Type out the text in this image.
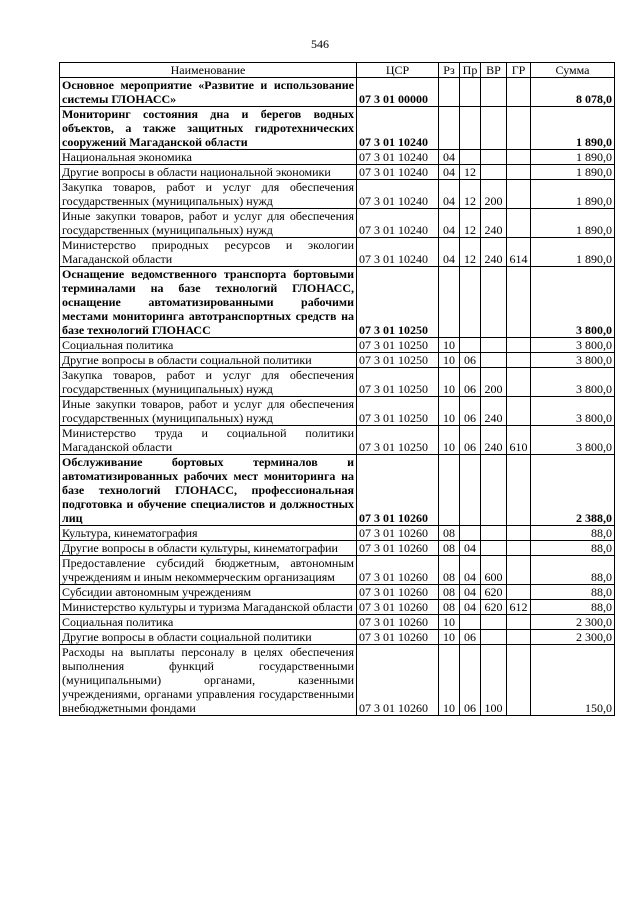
546
Наименование	ЦСР	Рз	Пр	ВР	ГР	Сумма
Основное мероприятие «Развитие и использование системы ГЛОНАСС»	07 3 01 00000					8 078,0
Мониторинг состояния дна и берегов водных объектов, а также защитных гидротехнических сооружений Магаданской области	07 3 01 10240					1 890,0
Национальная экономика	07 3 01 10240	04				1 890,0
Другие вопросы в области национальной экономики	07 3 01 10240	04	12			1 890,0
Закупка товаров, работ и услуг для обеспечения государственных (муниципальных) нужд	07 3 01 10240	04	12	200		1 890,0
Иные закупки товаров, работ и услуг для обеспечения государственных (муниципальных) нужд	07 3 01 10240	04	12	240		1 890,0
Министерство природных ресурсов и экологии Магаданской области	07 3 01 10240	04	12	240	614	1 890,0
Оснащение ведомственного транспорта бортовыми терминалами на базе технологий ГЛОНАСС, оснащение автоматизированными рабочими местами мониторинга автотранспортных средств на базе технологий ГЛОНАСС	07 3 01 10250					3 800,0
Социальная политика	07 3 01 10250	10				3 800,0
Другие вопросы в области социальной политики	07 3 01 10250	10	06			3 800,0
Закупка товаров, работ и услуг для обеспечения государственных (муниципальных) нужд	07 3 01 10250	10	06	200		3 800,0
Иные закупки товаров, работ и услуг для обеспечения государственных (муниципальных) нужд	07 3 01 10250	10	06	240		3 800,0
Министерство труда и социальной политики Магаданской области	07 3 01 10250	10	06	240	610	3 800,0
Обслуживание бортовых терминалов и автоматизированных рабочих мест мониторинга на базе технологий ГЛОНАСС, профессиональная подготовка и обучение специалистов и должностных лиц	07 3 01 10260					2 388,0
Культура, кинематография	07 3 01 10260	08				88,0
Другие вопросы в области культуры, кинематографии	07 3 01 10260	08	04			88,0
Предоставление субсидий бюджетным, автономным учреждениям и иным некоммерческим организациям	07 3 01 10260	08	04	600		88,0
Субсидии автономным учреждениям	07 3 01 10260	08	04	620		88,0
Министерство культуры и туризма Магаданской области	07 3 01 10260	08	04	620	612	88,0
Социальная политика	07 3 01 10260	10				2 300,0
Другие вопросы в области социальной политики	07 3 01 10260	10	06			2 300,0
Расходы на выплаты персоналу в целях обеспечения выполнения функций государственными (муниципальными) органами, казенными учреждениями, органами управления государственными внебюджетными фондами	07 3 01 10260	10	06	100		150,0
